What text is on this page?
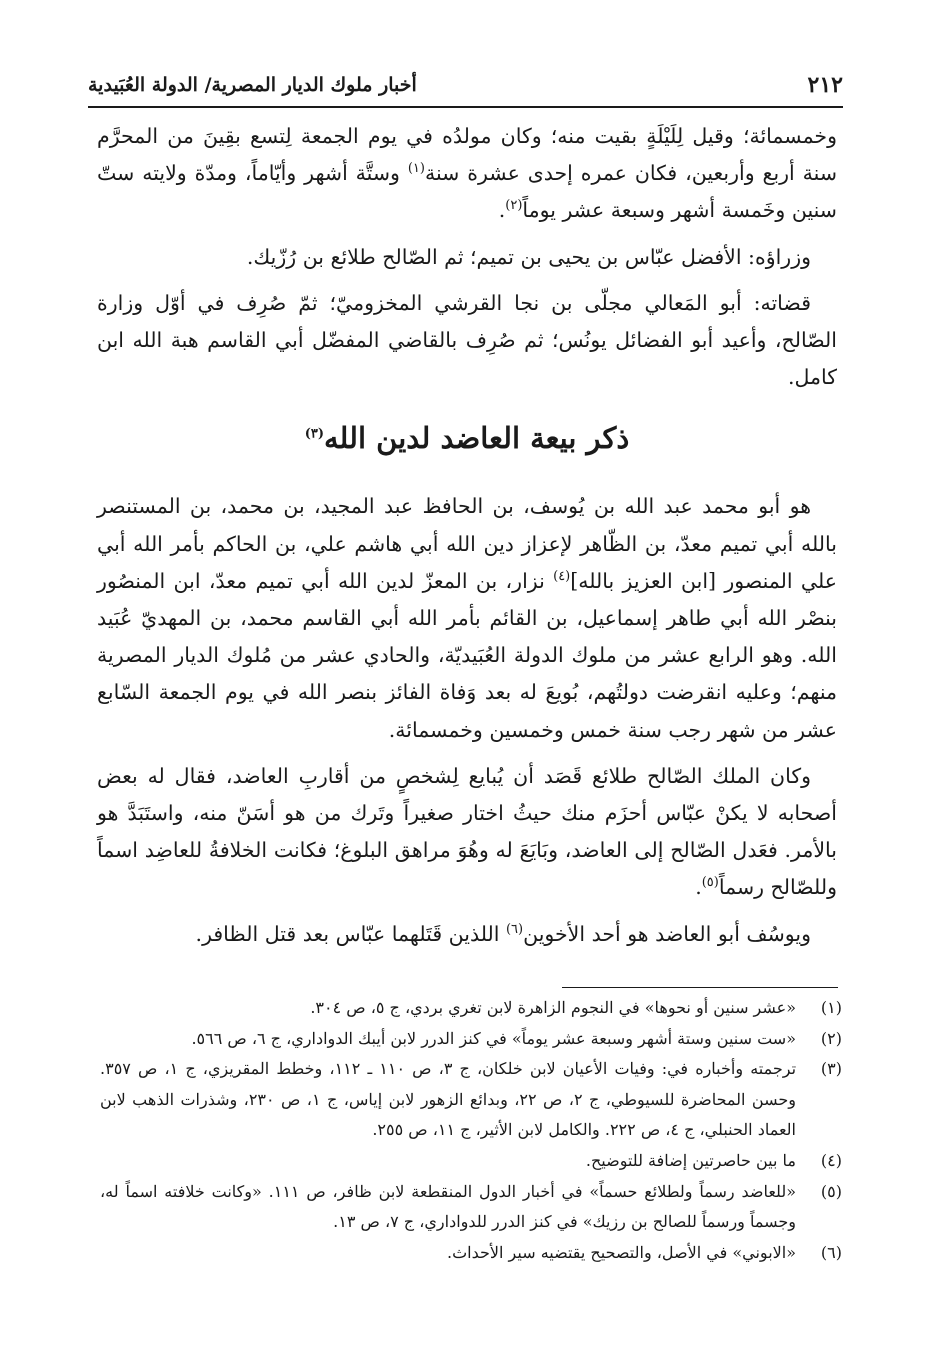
٢١٢
أخبار ملوك الديار المصرية/ الدولة العُبَيدية

وخمسمائة؛ وقيل لِلَيْلَةٍ بقيت منه؛ وكان مولدُه في يوم الجمعة لِتسع بقِينَ من المحرَّم سنة أربع وأربعين، فكان عمره إحدى عشرة سنة$^{(١)}$ وستَّة أشهر وأيّاماً، ومدّة ولايته ستّ سنين وخَمسة أشهر وسبعة عشر يوماً$^{(٢)}$.

وزراؤه: الأفضل عبّاس بن يحيى بن تميم؛ ثم الصّالح طلائع بن رُزّيك.

قضاته: أبو المَعالي مجلّى بن نجا القرشي المخزوميّ؛ ثمّ صُرِف في أوّل وزارة الصّالح، وأعيد أبو الفضائل يونُس؛ ثم صُرِف بالقاضي المفضّل أبي القاسم هبة الله ابن كامل.

ذكر بيعة العاضد لدين الله$^{(٣)}$

هو أبو محمد عبد الله بن يُوسف، بن الحافظ عبد المجيد، بن محمد، بن المستنصر بالله أبي تميم معدّ، بن الظّاهر لإعزاز دين الله أبي هاشم علي، بن الحاكم بأمر الله أبي علي المنصور [ابن العزيز بالله]$^{(٤)}$ نزار، بن المعزّ لدين الله أبي تميم معدّ، ابن المنصُور بنصْر الله أبي طاهر إسماعيل، بن القائم بأمر الله أبي القاسم محمد، بن المهديّ عُبَيد الله. وهو الرابع عشر من ملوك الدولة العُبَيديّة، والحادي عشر من مُلوك الديار المصرية منهم؛ وعليه انقرضت دولتُهم، بُويعَ له بعد وَفاة الفائز بنصر الله في يوم الجمعة السّابع عشر من شهر رجب سنة خمس وخمسين وخمسمائة.

وكان الملك الصّالح طلائع قَصَد أن يُبايع لِشخصٍ من أقاربِ العاضد، فقال له بعض أصحابه لا يكنْ عبّاس أحزَم منك حيثُ اختار صغيراً وتَرك من هو أسَنّ منه، واستَبَدَّ هو بالأمر. فعَدل الصّالح إلى العاضد، وبَايَعَ له وهُوَ مراهق البلوغ؛ فكانت الخلافةُ للعاضِد اسماً وللصّالح رسماً$^{(٥)}$.

ويوسُف أبو العاضد هو أحد الأخوين$^{(٦)}$ اللذين قَتَلهما عبّاس بعد قتل الظافر.

(١)
«عشر سنين أو نحوها» في النجوم الزاهرة لابن تغري بردي، ج ٥، ص ٣٠٤.
(٢)
«ست سنين وستة أشهر وسبعة عشر يوماً» في كنز الدرر لابن أيبك الدواداري، ج ٦، ص ٥٦٦.
(٣)
ترجمته وأخباره في: وفيات الأعيان لابن خلكان، ج ٣، ص ١١٠ ـ ١١٢، وخطط المقريزي، ج ١، ص ٣٥٧. وحسن المحاضرة للسيوطي، ج ٢، ص ٢٢، وبدائع الزهور لابن إياس، ج ١، ص ٢٣٠، وشذرات الذهب لابن العماد الحنبلي، ج ٤، ص ٢٢٢. والكامل لابن الأثير، ج ١١، ص ٢٥٥.
(٤)
ما بين حاصرتين إضافة للتوضيح.
(٥)
«للعاضد رسماً ولطلائع حسماً» في أخبار الدول المنقطعة لابن ظافر، ص ١١١. «وكانت خلافته اسماً له، وجسماً ورسماً للصالح بن رزيك» في كنز الدرر للدواداري، ج ٧، ص ١٣.
(٦)
«الابوني» في الأصل، والتصحيح يقتضيه سير الأحداث.
